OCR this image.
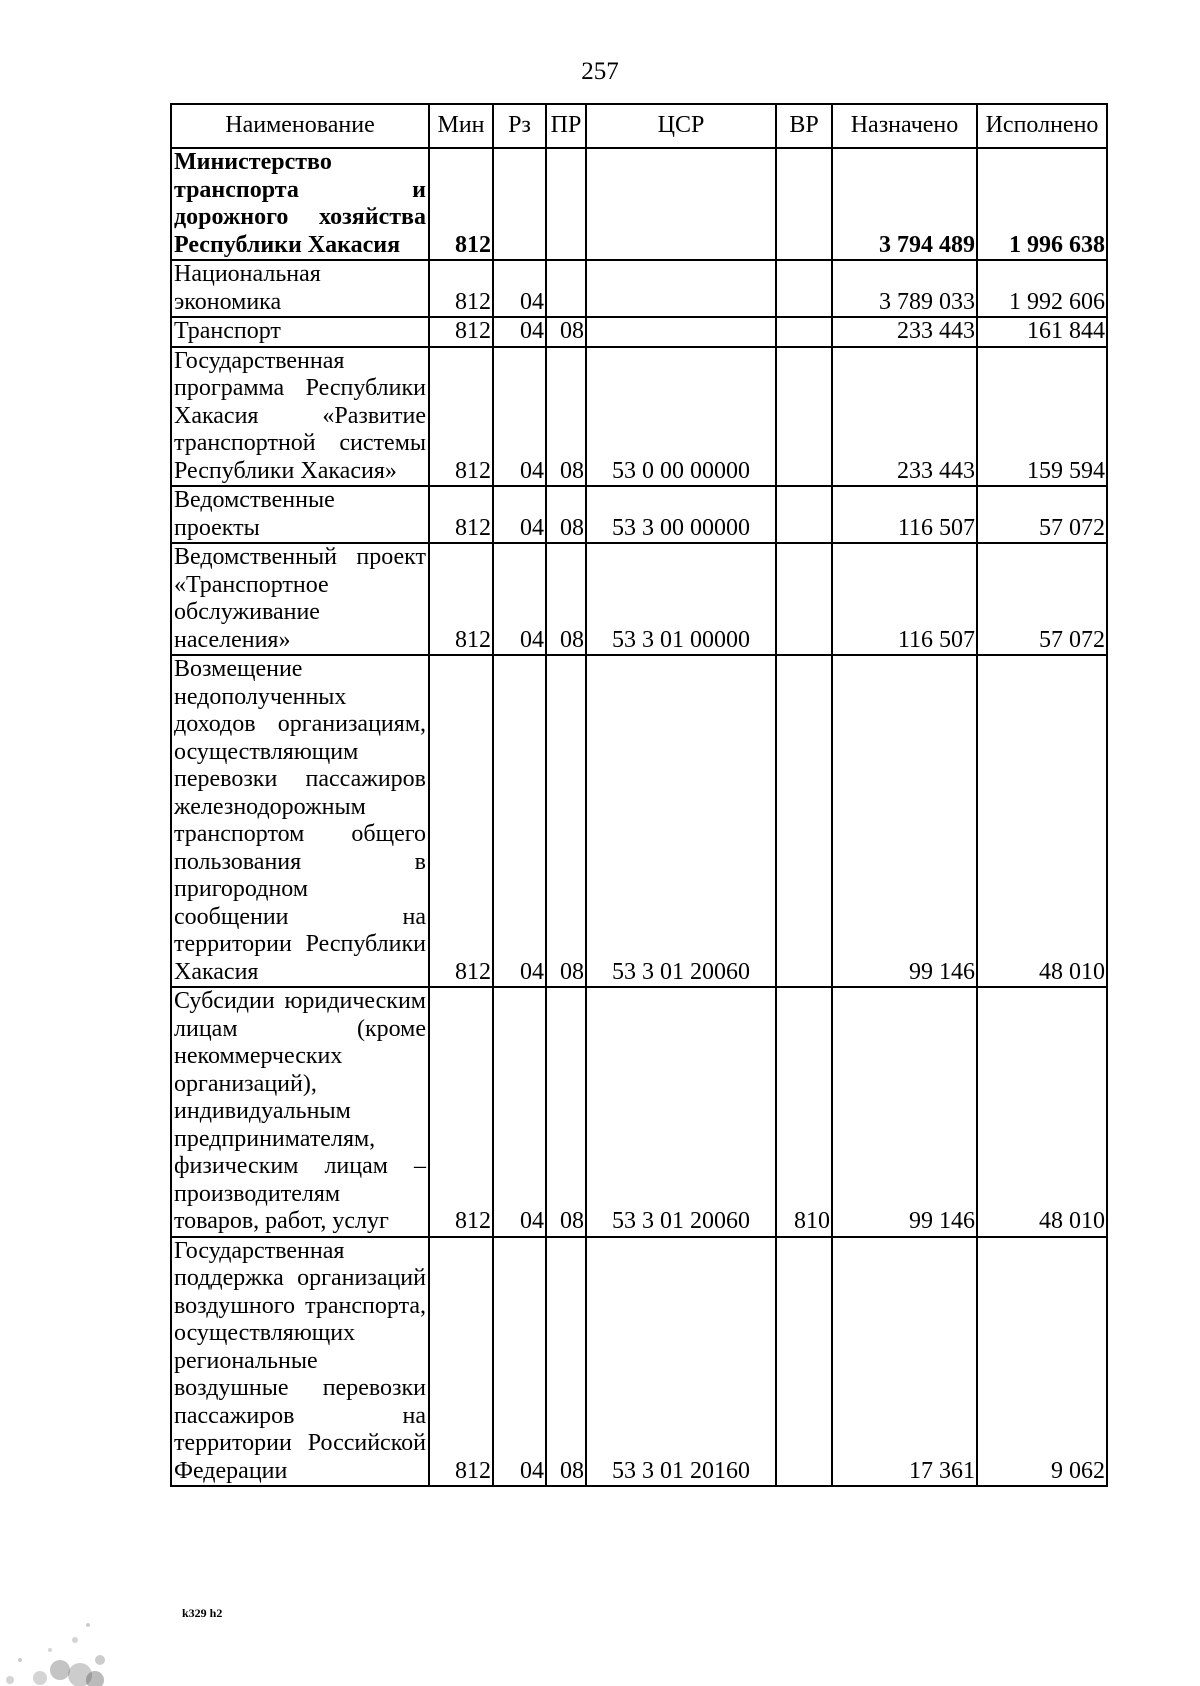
257
Наименование	Мин	Рз	ПР	ЦСР	ВР	Назначено	Исполнено
Министерство транспорта и дорожного хозяйства Республики Хакасия	812					3 794 489	1 996 638
Национальная экономика	812	04				3 789 033	1 992 606
Транспорт	812	04	08			233 443	161 844
Государственная программа Республики Хакасия «Развитие транспортной системы Республики Хакасия»	812	04	08	53 0 00 00000		233 443	159 594
Ведомственные проекты	812	04	08	53 3 00 00000		116 507	57 072
Ведомственный проект «Транспортное обслуживание населения»	812	04	08	53 3 01 00000		116 507	57 072
Возмещение недополученных доходов организациям, осуществляющим перевозки пассажиров железнодорожным транспортом общего пользования в пригородном сообщении на территории Республики Хакасия	812	04	08	53 3 01 20060		99 146	48 010
Субсидии юридическим лицам (кроме некоммерческих организаций), индивидуальным предпринимателям, физическим лицам – производителям товаров, работ, услуг	812	04	08	53 3 01 20060	810	99 146	48 010
Государственная поддержка организаций воздушного транспорта, осуществляющих региональные воздушные перевозки пассажиров на территории Российской Федерации	812	04	08	53 3 01 20160		17 361	9 062
k329 h2
